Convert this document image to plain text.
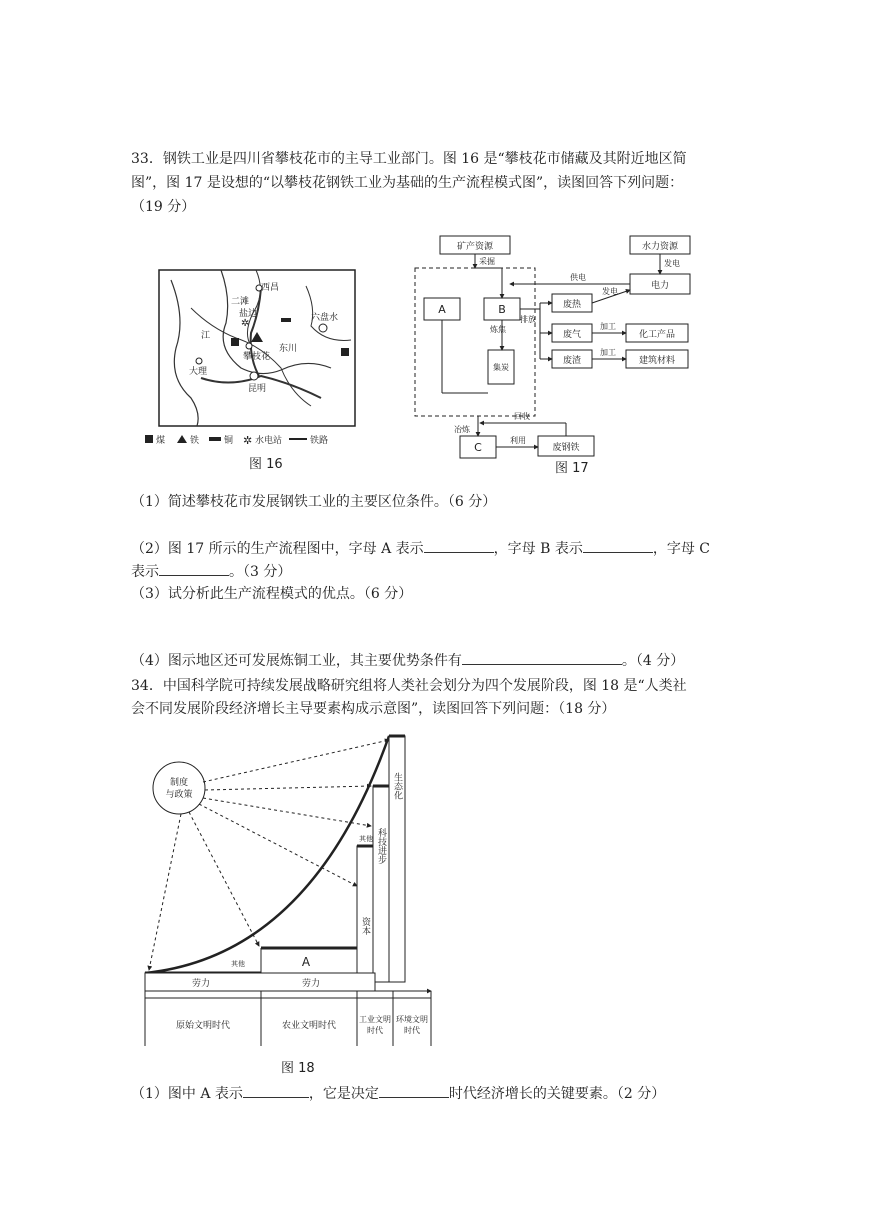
33．钢铁工业是四川省攀枝花市的主导工业部门。图 16 是“攀枝花市储藏及其附近地区简
图”，图 17 是设想的“以攀枝花钢铁工业为基础的生产流程模式图”，读图回答下列问题：
（19 分）
✲
西昌
二滩
盐边
攀枝花
东川
六盘水
昆明
大理
江
煤	铁	铜 ✲ 水电站	铁路
图 16
矿产资源	水力资源
电力
A	B	废热
废气
废渣
化工产品
建筑材料
集炭
C	废钢铁
采掘
供电
发电
发电
炼焦
排放
加工
加工
回收
冶炼
利用
图 17
（1）简述攀枝花市发展钢铁工业的主要区位条件。（6 分）
（2）图 17 所示的生产流程图中，字母 A 表示	，字母 B 表示	，字母 C
表示	。（3 分）
（3）试分析此生产流程模式的优点。（6 分）
（4）图示地区还可发展炼铜工业，其主要优势条件有	。（4 分）
34．中国科学院可持续发展战略研究组将人类社会划分为四个发展阶段，图 18 是“人类社
会不同发展阶段经济增长主导要素构成示意图”，读图回答下列问题：（18 分）
制度
与政策
资本
科技进步
生态化
劳力	劳力
A
其他
其他
原始文明时代	农业文明时代
工业文明
时代
环境文明
时代
图 18
（1）图中 A 表示	，它是决定	时代经济增长的关键要素。（2 分）
